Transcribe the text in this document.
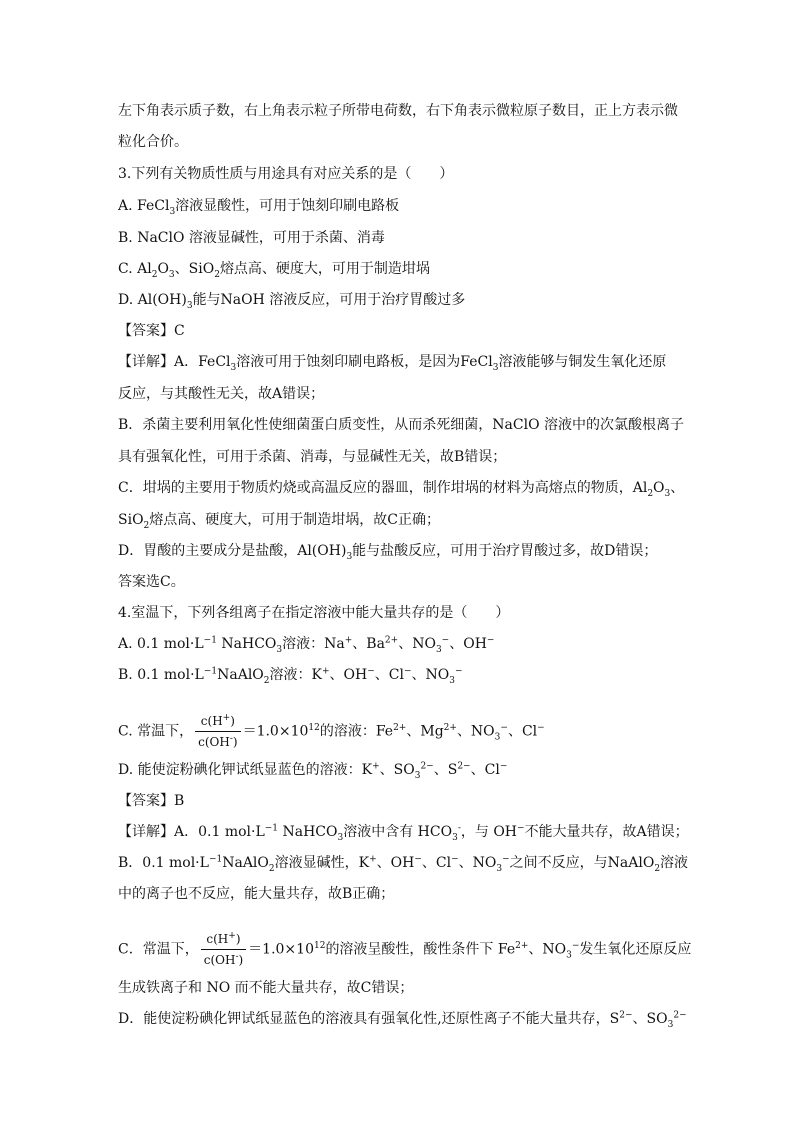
左下角表示质子数，右上角表示粒子所带电荷数，右下角表示微粒原子数目，正上方表示微
粒化合价。
3.下列有关物质性质与用途具有对应关系的是（　　）
A. FeCl$_3$溶液显酸性，可用于蚀刻印刷电路板
B. NaClO 溶液显碱性，可用于杀菌、消毒
C. $Al_2O_3$、SiO$_2$熔点高、硬度大，可用于制造坩埚
D. $Al(OH)_3$能与NaOH 溶液反应，可用于治疗胃酸过多
【答案】C
【详解】A．FeCl$_3$溶液可用于蚀刻印刷电路板，是因为FeCl$_3$溶液能够与铜发生氧化还原
反应，与其酸性无关，故A错误；
B．杀菌主要利用氧化性使细菌蛋白质变性，从而杀死细菌，NaClO 溶液中的次氯酸根离子
具有强氧化性，可用于杀菌、消毒，与显碱性无关，故B错误；
C．坩埚的主要用于物质灼烧或高温反应的器皿，制作坩埚的材料为高熔点的物质，$Al_2O_3$、
SiO$_2$熔点高、硬度大，可用于制造坩埚，故C正确；
D．胃酸的主要成分是盐酸，$Al(OH)_3$能与盐酸反应，可用于治疗胃酸过多，故D错误；
答案选C。
4.室温下，下列各组离子在指定溶液中能大量共存的是（　　）
A. 0.1 $mol\cdot L^{-1}$ NaHCO$_3$溶液：Na+、$Ba^{2+}$、$NO_3^-$、OH−
B. 0.1 $mol\cdot L^{-1}NaAlO_2$溶液：K+、OH−、Cl−、$NO_3^-$
C. 常温下， $\frac{c(H^+)}{c(OH^-)} =1.0\times 10^{12}$的溶液：$Fe^{2+}$、$Mg^{2+}$、$NO_3^-$、Cl−
D. 能使淀粉碘化钾试纸显蓝色的溶液：K+、$SO_3^{2-}$、$S^{2-}$、Cl−
【答案】B
【详解】A．0.1 $mol\cdot L^{-1}$ NaHCO$_3$溶液中含有 $HCO_3^-$，与 OH−不能大量共存，故A错误；
B．0.1 $mol\cdot L^{-1}NaAlO_2$溶液显碱性，K+、OH−、Cl−、$NO_3^-$之间不反应，与NaAlO$_2$溶液
中的离子也不反应，能大量共存，故B正确；
C．常温下， $\frac{c(H^+)}{c(OH^-)} =1.0\times 10^{12}$的溶液呈酸性，酸性条件下 $Fe^{2+}$、$NO_3^-$发生氧化还原反应
生成铁离子和 NO 而不能大量共存，故C错误；
D．能使淀粉碘化钾试纸显蓝色的溶液具有强氧化性,还原性离子不能大量共存，$S^{2-}$、$SO_3^{2-}$
